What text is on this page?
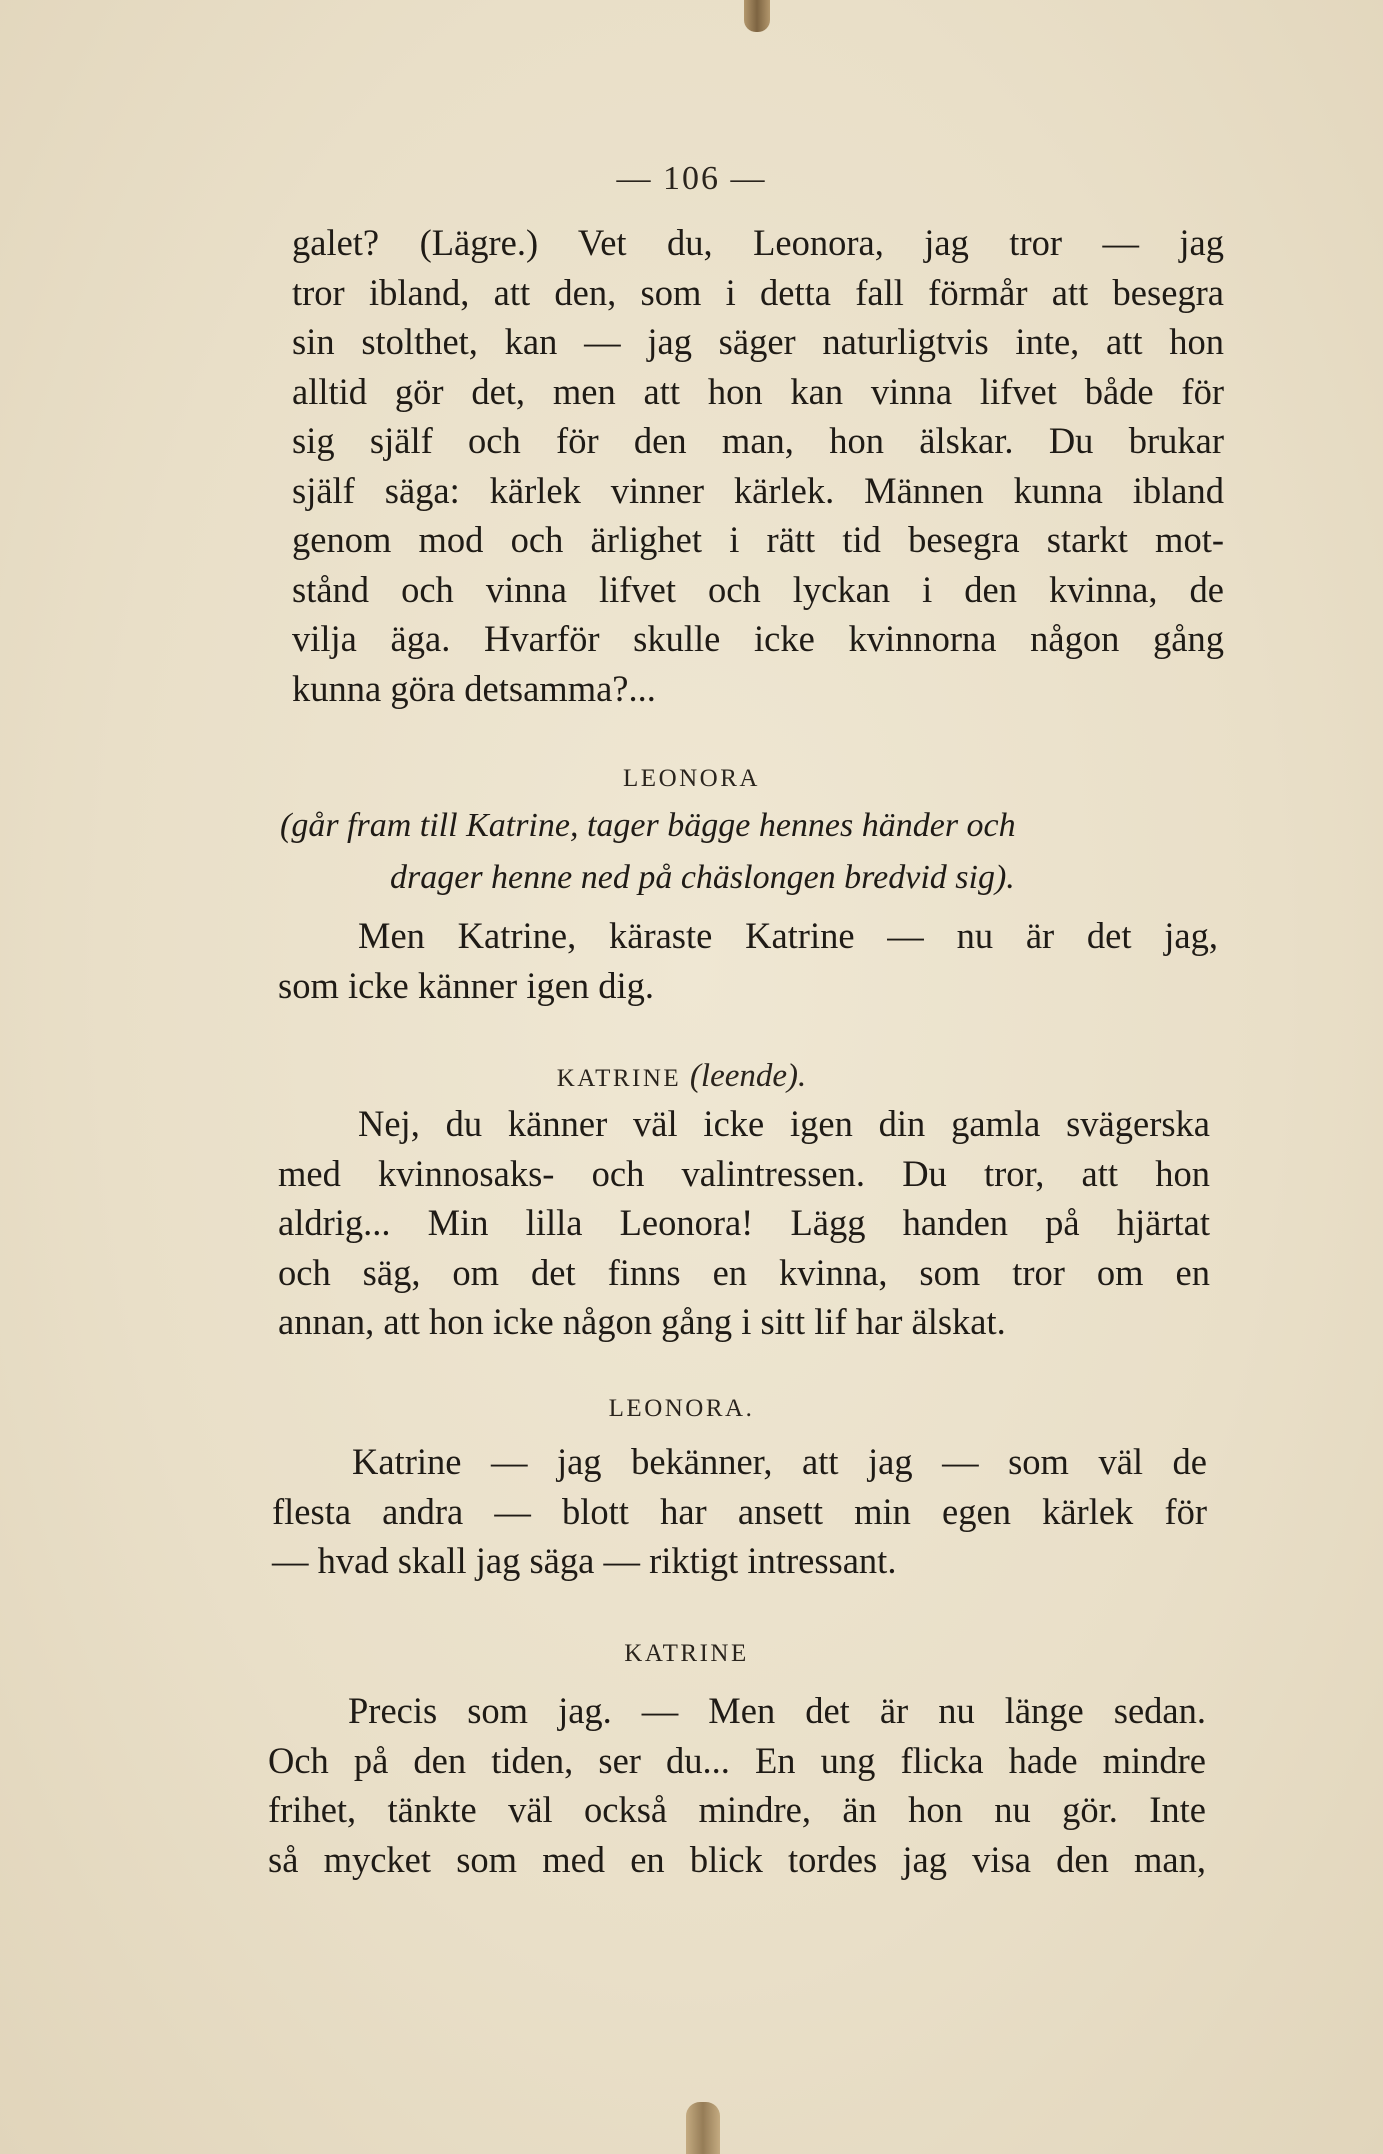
— 106 —
galet? (Lägre.) Vet du, Leonora, jag tror — jag
tror ibland, att den, som i detta fall förmår att besegra
sin stolthet, kan — jag säger naturligtvis inte, att hon
alltid gör det, men att hon kan vinna lifvet både för
sig själf och för den man, hon älskar. Du brukar
själf säga: kärlek vinner kärlek. Männen kunna ibland
genom mod och ärlighet i rätt tid besegra starkt mot-
stånd och vinna lifvet och lyckan i den kvinna, de
vilja äga. Hvarför skulle icke kvinnorna någon gång
kunna göra detsamma?...
LEONORA
(går fram till Katrine, tager bägge hennes händer och
drager henne ned på chäslongen bredvid sig).
Men Katrine, käraste Katrine — nu är det jag,
som icke känner igen dig.
KATRINE (leende).
Nej, du känner väl icke igen din gamla svägerska
med kvinnosaks- och valintressen. Du tror, att hon
aldrig... Min lilla Leonora! Lägg handen på hjärtat
och säg, om det finns en kvinna, som tror om en
annan, att hon icke någon gång i sitt lif har älskat.
LEONORA.
Katrine — jag bekänner, att jag — som väl de
flesta andra — blott har ansett min egen kärlek för
— hvad skall jag säga — riktigt intressant.
KATRINE
Precis som jag. — Men det är nu länge sedan.
Och på den tiden, ser du... En ung flicka hade mindre
frihet, tänkte väl också mindre, än hon nu gör. Inte
så mycket som med en blick tordes jag visa den man,
